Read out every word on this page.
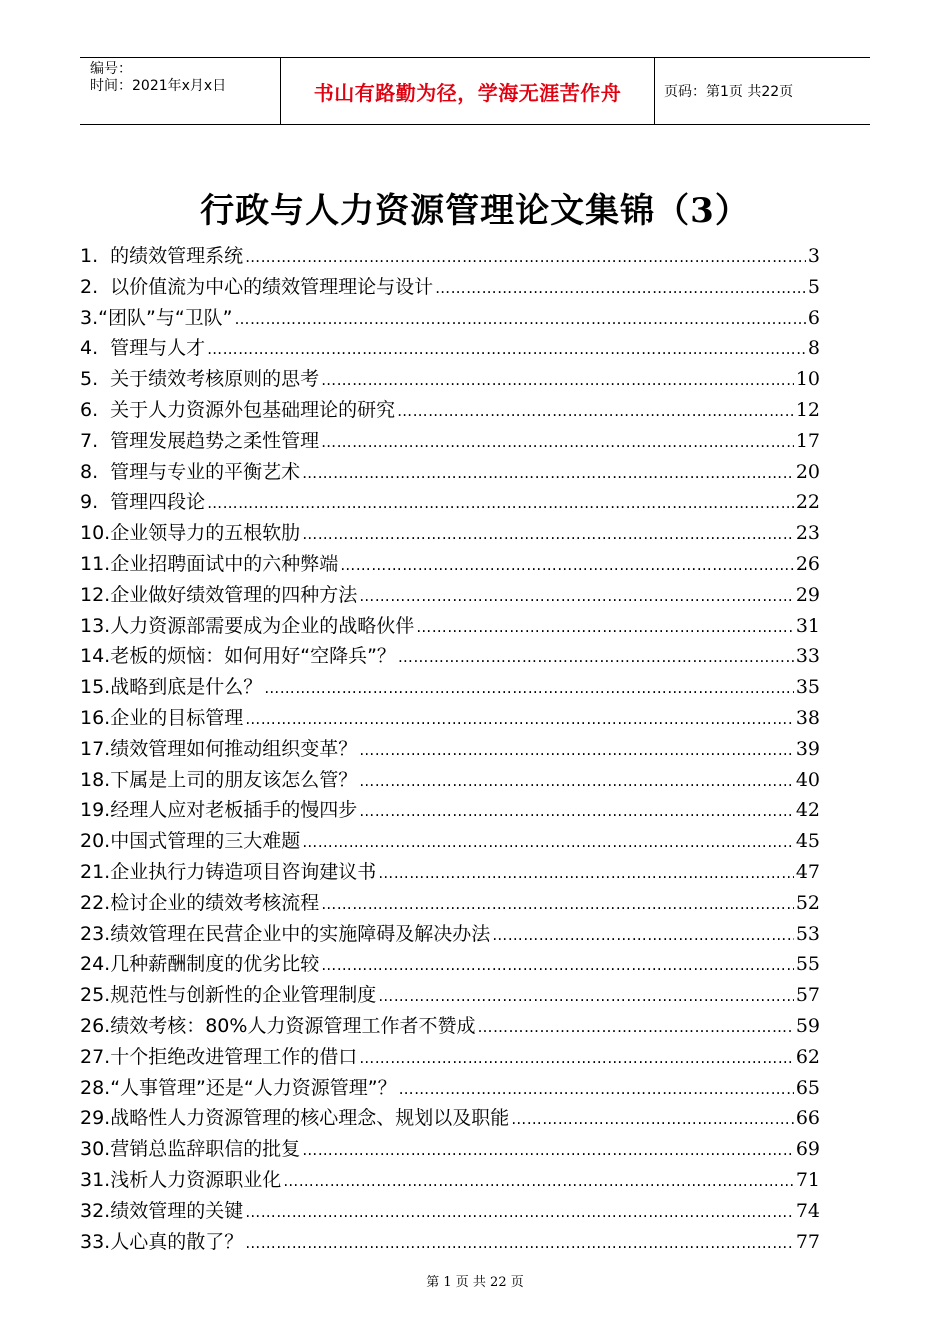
编号：
时间：2021年x月x日	书山有路勤为径，学海无涯苦作舟	页码：第1页 共22页
行政与人力资源管理论文集锦（3）
1. 的绩效管理系统 …………………………………………………………………………………………………………………………………………………………………………………………	3
2. 以价值流为中心的绩效管理理论与设计 …………………………………………………………………………………………………………………………………………………………………………………………	5
3. “团队”与“卫队” …………………………………………………………………………………………………………………………………………………………………………………………	6
4. 管理与人才 …………………………………………………………………………………………………………………………………………………………………………………………	8
5. 关于绩效考核原则的思考 …………………………………………………………………………………………………………………………………………………………………………………………	10
6. 关于人力资源外包基础理论的研究 …………………………………………………………………………………………………………………………………………………………………………………………	12
7. 管理发展趋势之柔性管理 …………………………………………………………………………………………………………………………………………………………………………………………	17
8. 管理与专业的平衡艺术 …………………………………………………………………………………………………………………………………………………………………………………………	20
9. 管理四段论 …………………………………………………………………………………………………………………………………………………………………………………………	22
10. 企业领导力的五根软肋 …………………………………………………………………………………………………………………………………………………………………………………………	23
11. 企业招聘面试中的六种弊端 …………………………………………………………………………………………………………………………………………………………………………………………	26
12. 企业做好绩效管理的四种方法 …………………………………………………………………………………………………………………………………………………………………………………………	29
13. 人力资源部需要成为企业的战略伙伴 …………………………………………………………………………………………………………………………………………………………………………………………	31
14. 老板的烦恼：如何用好“空降兵”？ …………………………………………………………………………………………………………………………………………………………………………………………	33
15. 战略到底是什么？ …………………………………………………………………………………………………………………………………………………………………………………………	35
16. 企业的目标管理 …………………………………………………………………………………………………………………………………………………………………………………………	38
17. 绩效管理如何推动组织变革？ …………………………………………………………………………………………………………………………………………………………………………………………	39
18. 下属是上司的朋友该怎么管？ …………………………………………………………………………………………………………………………………………………………………………………………	40
19. 经理人应对老板插手的慢四步 …………………………………………………………………………………………………………………………………………………………………………………………	42
20. 中国式管理的三大难题 …………………………………………………………………………………………………………………………………………………………………………………………	45
21. 企业执行力铸造项目咨询建议书 …………………………………………………………………………………………………………………………………………………………………………………………	47
22. 检讨企业的绩效考核流程 …………………………………………………………………………………………………………………………………………………………………………………………	52
23. 绩效管理在民营企业中的实施障碍及解决办法 …………………………………………………………………………………………………………………………………………………………………………………………	53
24. 几种薪酬制度的优劣比较 …………………………………………………………………………………………………………………………………………………………………………………………	55
25. 规范性与创新性的企业管理制度 …………………………………………………………………………………………………………………………………………………………………………………………	57
26. 绩效考核：80%人力资源管理工作者不赞成 …………………………………………………………………………………………………………………………………………………………………………………………	59
27. 十个拒绝改进管理工作的借口 …………………………………………………………………………………………………………………………………………………………………………………………	62
28. “人事管理”还是“人力资源管理”？ …………………………………………………………………………………………………………………………………………………………………………………………	65
29. 战略性人力资源管理的核心理念、规划以及职能 …………………………………………………………………………………………………………………………………………………………………………………………	66
30. 营销总监辞职信的批复 …………………………………………………………………………………………………………………………………………………………………………………………	69
31. 浅析人力资源职业化 …………………………………………………………………………………………………………………………………………………………………………………………	71
32. 绩效管理的关键 …………………………………………………………………………………………………………………………………………………………………………………………	74
33. 人心真的散了？ …………………………………………………………………………………………………………………………………………………………………………………………	77
第 1 页 共 22 页
